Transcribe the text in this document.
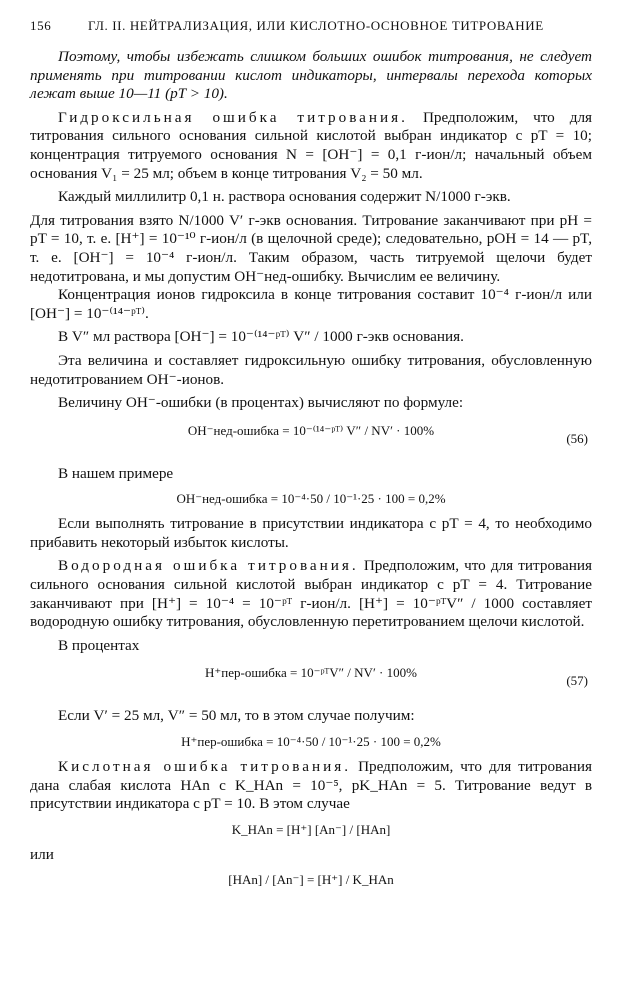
156	ГЛ. II. НЕЙТРАЛИЗАЦИЯ, ИЛИ КИСЛОТНО-ОСНОВНОЕ ТИТРОВАНИЕ

Поэтому, чтобы избежать слишком больших ошибок титрования, не следует применять при титровании кислот индикаторы, интервалы перехода которых лежат выше 10—11 (pT > 10).

Гидроксильная ошибка титрования. Предположим, что для титрования сильного основания сильной кислотой выбран индикатор с pT = 10; концентрация титруемого основания N = [OH⁻] = 0,1 г-ион/л; начальный объем основания V₁ = 25 мл; объем в конце титрования V₂ = 50 мл.

Каждый миллилитр 0,1 н. раствора основания содержит N/1000 г-экв.

Для титрования взято N/1000 V′ г-экв основания. Титрование заканчивают при pH = pT = 10, т. е. [H⁺] = 10⁻¹⁰ г-ион/л (в щелочной среде); следовательно, pOH = 14 — pT, т. е. [OH⁻] = 10⁻⁴ г-ион/л. Таким образом, часть титруемой щелочи будет недотитрована, и мы допустим OH⁻нед-ошибку. Вычислим ее величину.

Концентрация ионов гидроксила в конце титрования составит 10⁻⁴ г-ион/л или [OH⁻] = 10⁻⁽¹⁴⁻ᵖᵀ⁾.

В V″ мл раствора [OH⁻] = 10⁻⁽¹⁴⁻ᵖᵀ⁾ V″ / 1000 г-экв основания.

Эта величина и составляет гидроксильную ошибку титрования, обусловленную недотитрованием OH⁻-ионов.

Величину OH⁻-ошибки (в процентах) вычисляют по формуле:

OH⁻нед-ошибка = 10⁻⁽¹⁴⁻ᵖᵀ⁾ V″ / NV′ · 100%
(56)

В нашем примере

OH⁻нед-ошибка = 10⁻⁴·50 / 10⁻¹·25 · 100 = 0,2%

Если выполнять титрование в присутствии индикатора с pT = 4, то необходимо прибавить некоторый избыток кислоты.

Водородная ошибка титрования. Предположим, что для титрования сильного основания сильной кислотой выбран индикатор с pT = 4. Титрование заканчивают при [H⁺] = 10⁻⁴ = 10⁻ᵖᵀ г-ион/л. [H⁺] = 10⁻ᵖᵀV″ / 1000 составляет водородную ошибку титрования, обусловленную перетитрованием щелочи кислотой.

В процентах

H⁺пер-ошибка = 10⁻ᵖᵀV″ / NV′ · 100%
(57)

Если V′ = 25 мл, V″ = 50 мл, то в этом случае получим:

H⁺пер-ошибка = 10⁻⁴·50 / 10⁻¹·25 · 100 = 0,2%

Кислотная ошибка титрования. Предположим, что для титрования дана слабая кислота HAn с K_HAn = 10⁻⁵, pK_HAn = 5. Титрование ведут в присутствии индикатора с pT = 10. В этом случае

K_HAn = [H⁺] [An⁻] / [HAn]

или

[HAn] / [An⁻] = [H⁺] / K_HAn
